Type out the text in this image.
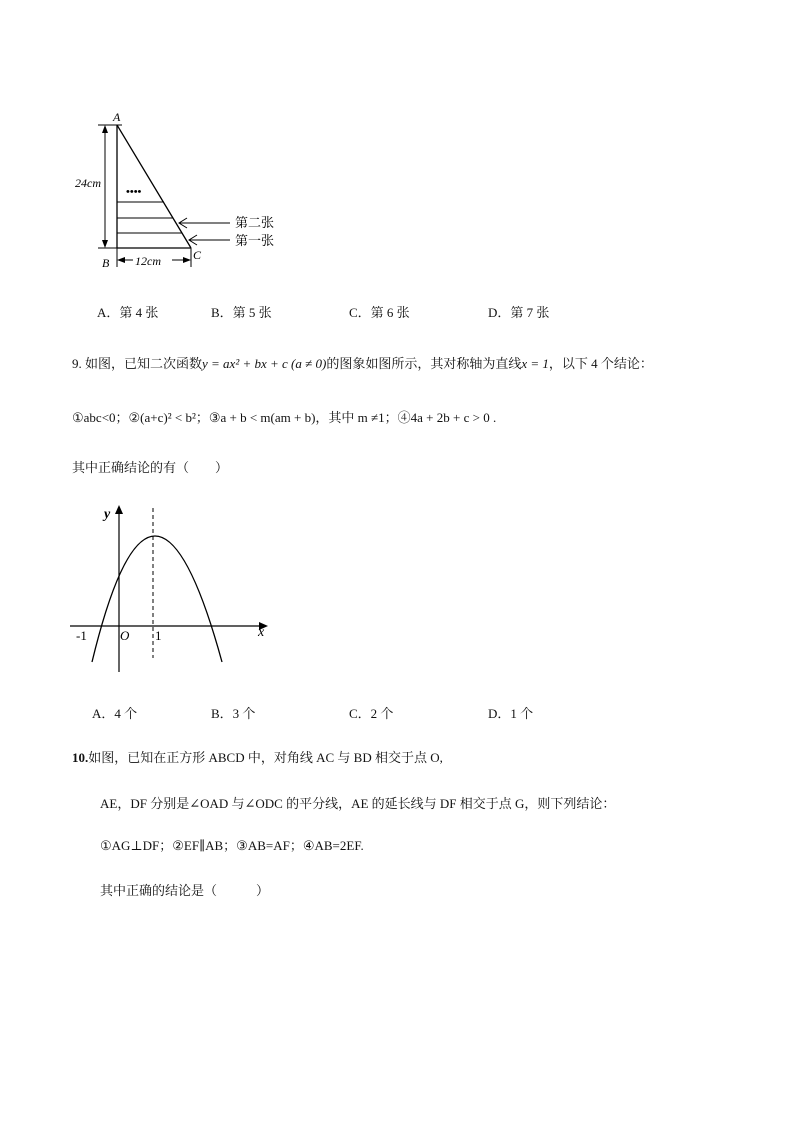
A
B
C
24cm
12cm
••••
第二张
第一张
A．第 4 张	B．第 5 张	C．第 6 张	D．第 7 张
9. 如图，已知二次函数y = ax² + bx + c (a ≠ 0)的图象如图所示，其对称轴为直线x = 1，以下 4 个结论：
①abc<0；②(a+c)² < b²；③a + b < m(am + b)，其中 m ≠1；④4a + 2b + c > 0 .
其中正确结论的有（　　）
y
x
O
-1	1
A．4 个	B．3 个	C．2 个	D．1 个
10.如图，已知在正方形 ABCD 中，对角线 AC 与 BD 相交于点 O,
AE，DF 分别是∠OAD 与∠ODC 的平分线，AE 的延长线与 DF 相交于点 G，则下列结论：
①AG⊥DF；②EF∥AB；③AB=AF；④AB=2EF.
其中正确的结论是（　　　）
